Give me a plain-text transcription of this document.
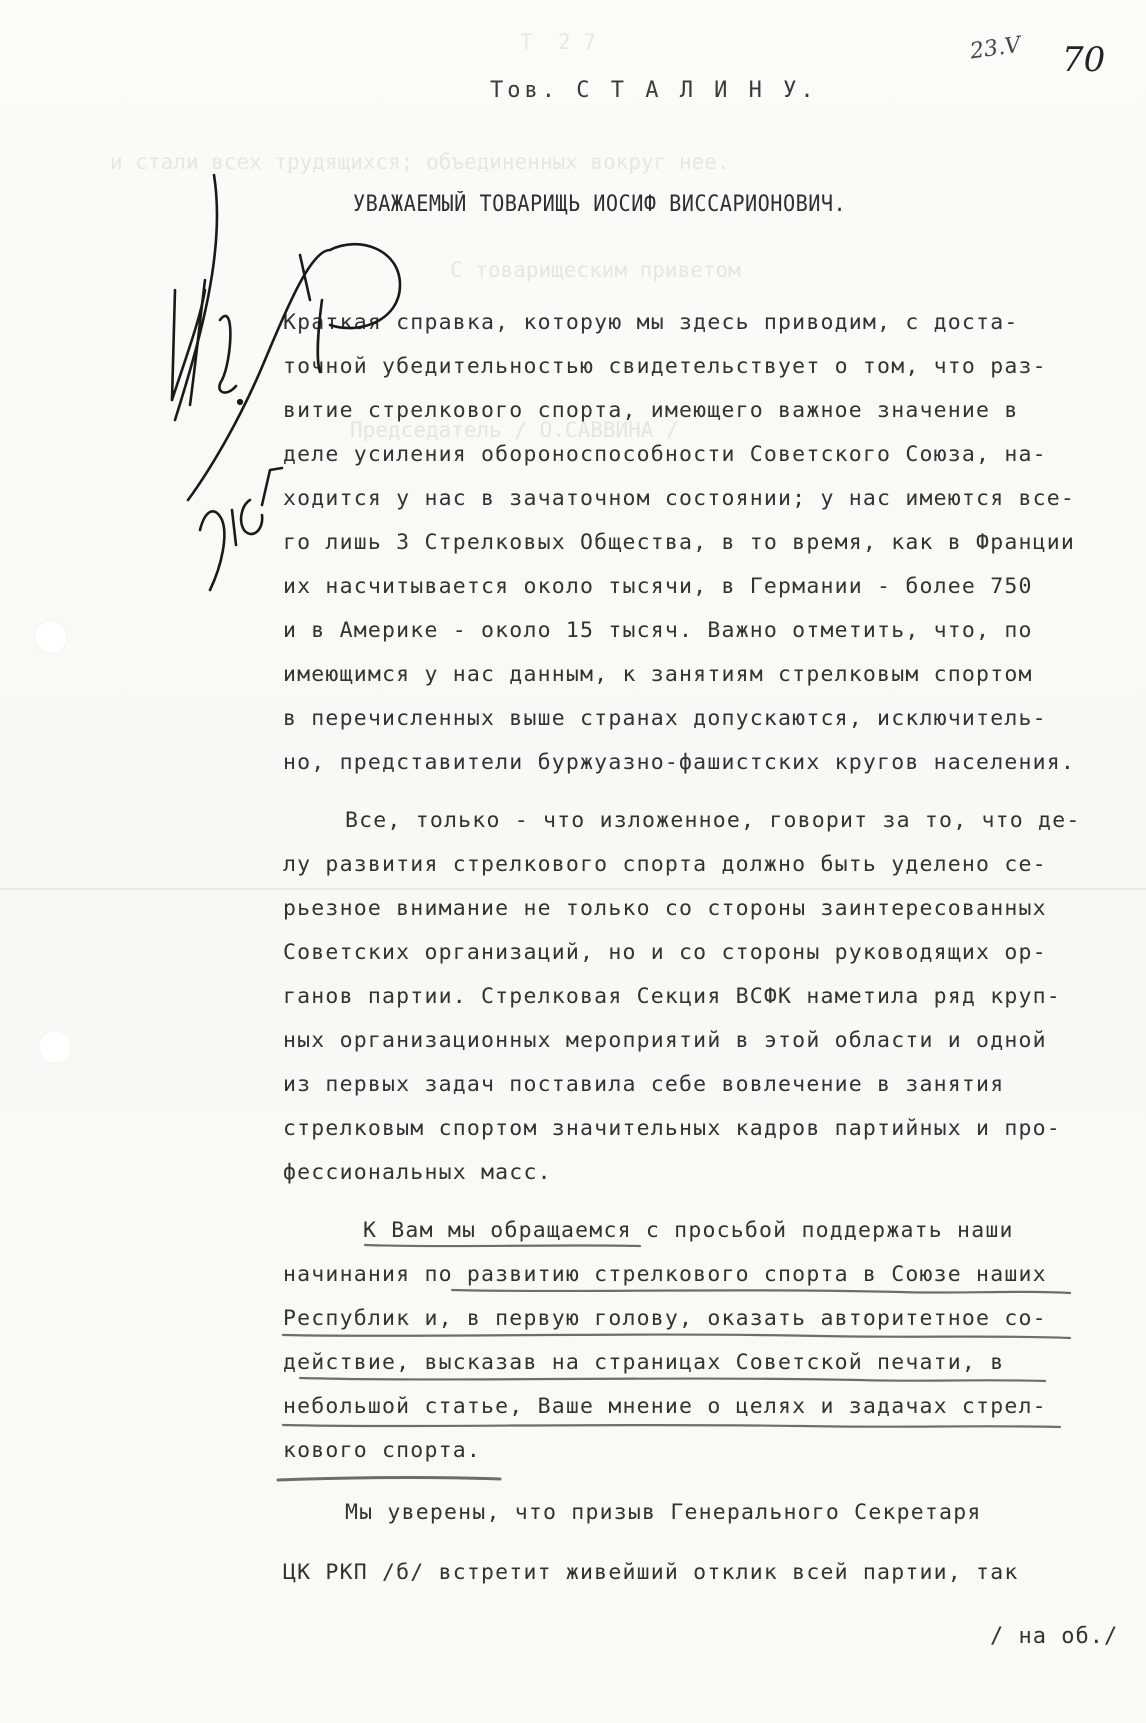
Т  2 7
и стали всех трудящихся; объединенных вокруг нее.
С товарищеским приветом
Председатель / О.САВВИНА /
23.V 70
Тов. С Т А Л И Н У.
УВАЖАЕМЫЙ ТОВАРИЩЬ ИОСИФ ВИССАРИОНОВИЧ.
Краткая справка, которую мы здесь приводим, с доста-
точной убедительностью свидетельствует о том, что раз-
витие стрелкового спорта, имеющего важное значение в
деле усиления обороноспособности Советского Союза, на-
ходится у нас в зачаточном состоянии; у нас имеются все-
го лишь 3 Стрелковых Общества, в то время, как в Франции
их насчитывается около тысячи, в Германии - более 750
и в Америке - около 15 тысяч. Важно отметить, что, по
имеющимся у нас данным, к занятиям стрелковым спортом
в перечисленных выше странах допускаются, исключитель-
но, представители буржуазно-фашистских кругов населения.
Все, только - что изложенное, говорит за то, что де-
лу развития стрелкового спорта должно быть уделено се-
рьезное внимание не только со стороны заинтересованных
Советских организаций, но и со стороны руководящих ор-
ганов партии. Стрелковая Секция ВСФК наметила ряд круп-
ных организационных мероприятий в этой области и одной
из первых задач поставила себе вовлечение в занятия
стрелковым спортом значительных кадров партийных и про-
фессиональных масс.
К Вам мы обращаемся с просьбой поддержать наши
начинания по развитию стрелкового спорта в Союзе наших
Республик и, в первую голову, оказать авторитетное со-
действие, высказав на страницах Советской печати, в
небольшой статье, Ваше мнение о целях и задачах стрел-
кового спорта.
Мы уверены, что призыв Генерального Секретаря
ЦК РКП /б/ встретит живейший отклик всей партии, так
/ на об./
